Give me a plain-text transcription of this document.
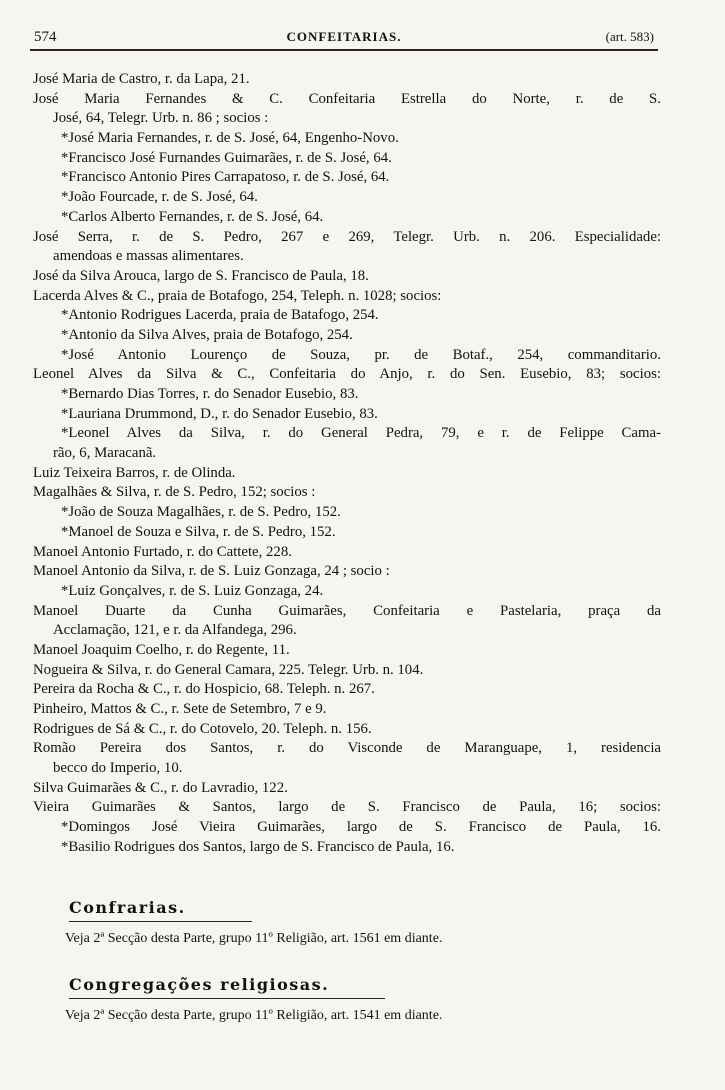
574	CONFEITARIAS.	(art. 583)
José Maria de Castro, r. da Lapa, 21.
José Maria Fernandes & C. Confeitaria Estrella do Norte, r. de S.
José, 64, Telegr. Urb. n. 86 ; socios :
*José Maria Fernandes, r. de S. José, 64, Engenho-Novo.
*Francisco José Furnandes Guimarães, r. de S. José, 64.
*Francisco Antonio Pires Carrapatoso, r. de S. José, 64.
*João Fourcade, r. de S. José, 64.
*Carlos Alberto Fernandes, r. de S. José, 64.
José Serra, r. de S. Pedro, 267 e 269, Telegr. Urb. n. 206. Especialidade:
amendoas e massas alimentares.
José da Silva Arouca, largo de S. Francisco de Paula, 18.
Lacerda Alves & C., praia de Botafogo, 254, Teleph. n. 1028; socios:
*Antonio Rodrigues Lacerda, praia de Batafogo, 254.
*Antonio da Silva Alves, praia de Botafogo, 254.
*José Antonio Lourenço de Souza, pr. de Botaf., 254, commanditario.
Leonel Alves da Silva & C., Confeitaria do Anjo, r. do Sen. Eusebio, 83; socios:
*Bernardo Dias Torres, r. do Senador Eusebio, 83.
*Lauriana Drummond, D., r. do Senador Eusebio, 83.
*Leonel Alves da Silva, r. do General Pedra, 79, e r. de Felippe Cama-
rão, 6, Maracanã.
Luiz Teixeira Barros, r. de Olinda.
Magalhães & Silva, r. de S. Pedro, 152; socios :
*João de Souza Magalhães, r. de S. Pedro, 152.
*Manoel de Souza e Silva, r. de S. Pedro, 152.
Manoel Antonio Furtado, r. do Cattete, 228.
Manoel Antonio da Silva, r. de S. Luiz Gonzaga, 24 ; socio :
*Luiz Gonçalves, r. de S. Luiz Gonzaga, 24.
Manoel Duarte da Cunha Guimarães, Confeitaria e Pastelaria, praça da
Acclamação, 121, e r. da Alfandega, 296.
Manoel Joaquim Coelho, r. do Regente, 11.
Nogueira & Silva, r. do General Camara, 225. Telegr. Urb. n. 104.
Pereira da Rocha & C., r. do Hospicio, 68. Teleph. n. 267.
Pinheiro, Mattos & C., r. Sete de Setembro, 7 e 9.
Rodrigues de Sá & C., r. do Cotovelo, 20. Teleph. n. 156.
Romão Pereira dos Santos, r. do Visconde de Maranguape, 1, residencia
becco do Imperio, 10.
Silva Guimarães & C., r. do Lavradio, 122.
Vieira Guimarães & Santos, largo de S. Francisco de Paula, 16; socios:
*Domingos José Vieira Guimarães, largo de S. Francisco de Paula, 16.
*Basilio Rodrigues dos Santos, largo de S. Francisco de Paula, 16.
Confrarias.
Veja 2ª Secção desta Parte, grupo 11º Religião, art. 1561 em diante.
Congregações religiosas.
Veja 2ª Secção desta Parte, grupo 11º Religião, art. 1541 em diante.
